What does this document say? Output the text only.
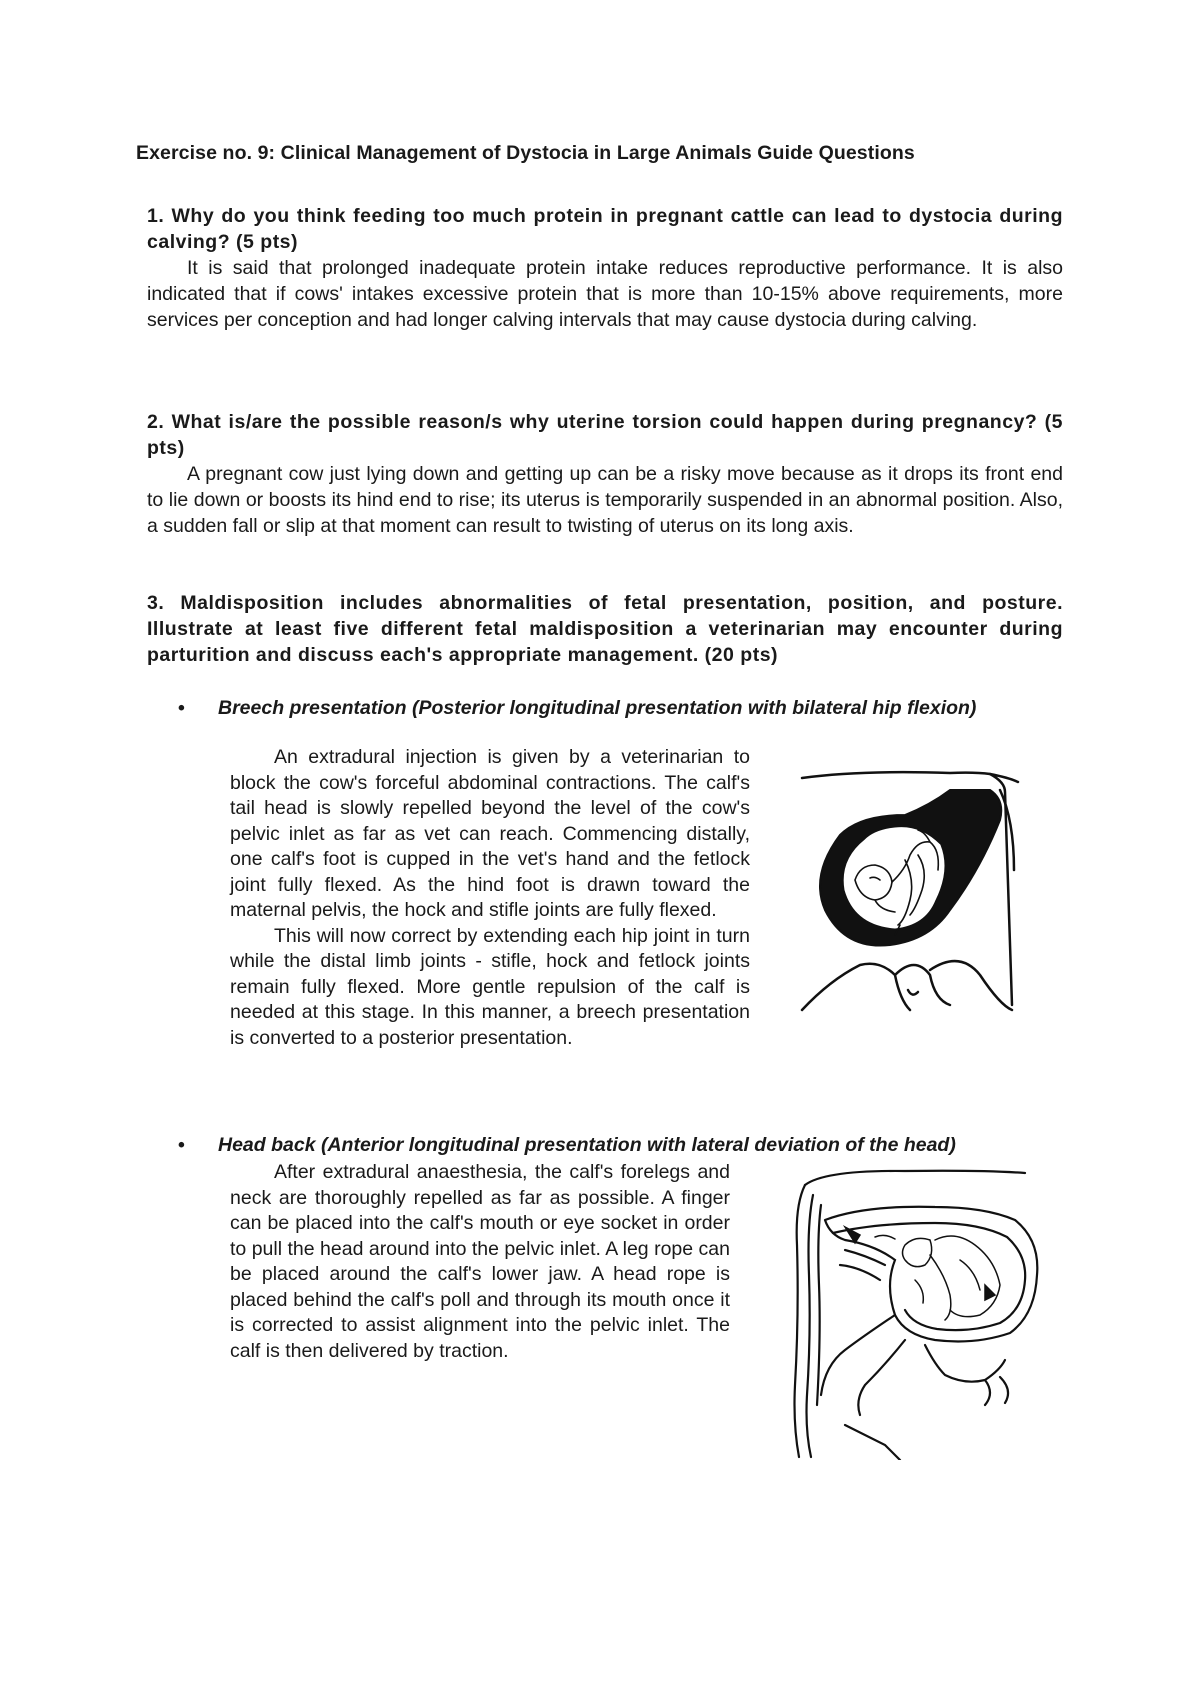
Exercise no. 9: Clinical Management of Dystocia in Large Animals Guide Questions
1. Why do you think feeding too much protein in pregnant cattle can lead to dystocia during calving? (5 pts)
It is said that prolonged inadequate protein intake reduces reproductive performance. It is also indicated that if cows' intakes excessive protein that is more than 10-15% above requirements, more services per conception and had longer calving intervals that may cause dystocia during calving.
2. What is/are the possible reason/s why uterine torsion could happen during pregnancy? (5 pts)
A pregnant cow just lying down and getting up can be a risky move because as it drops its front end to lie down or boosts its hind end to rise; its uterus is temporarily suspended in an abnormal position. Also, a sudden fall or slip at that moment can result to twisting of uterus on its long axis.
3. Maldisposition includes abnormalities of fetal presentation, position, and posture. Illustrate at least five different fetal maldisposition a veterinarian may encounter during parturition and discuss each's appropriate management. (20 pts)
• Breech presentation (Posterior longitudinal presentation with bilateral hip flexion)

An extradural injection is given by a veterinarian to block the cow's forceful abdominal contractions. The calf's tail head is slowly repelled beyond the level of the cow's pelvic inlet as far as vet can reach. Commencing distally, one calf's foot is cupped in the vet's hand and the fetlock joint fully flexed. As the hind foot is drawn toward the maternal pelvis, the hock and stifle joints are fully flexed.

This will now correct by extending each hip joint in turn while the distal limb joints - stifle, hock and fetlock joints remain fully flexed. More gentle repulsion of the calf is needed at this stage. In this manner, a breech presentation is converted to a posterior presentation.

• Head back (Anterior longitudinal presentation with lateral deviation of the head)

After extradural anaesthesia, the calf's forelegs and neck are thoroughly repelled as far as possible. A finger can be placed into the calf's mouth or eye socket in order to pull the head around into the pelvic inlet. A leg rope can be placed around the calf's lower jaw. A head rope is placed behind the calf's poll and through its mouth once it is corrected to assist alignment into the pelvic inlet. The calf is then delivered by traction.
